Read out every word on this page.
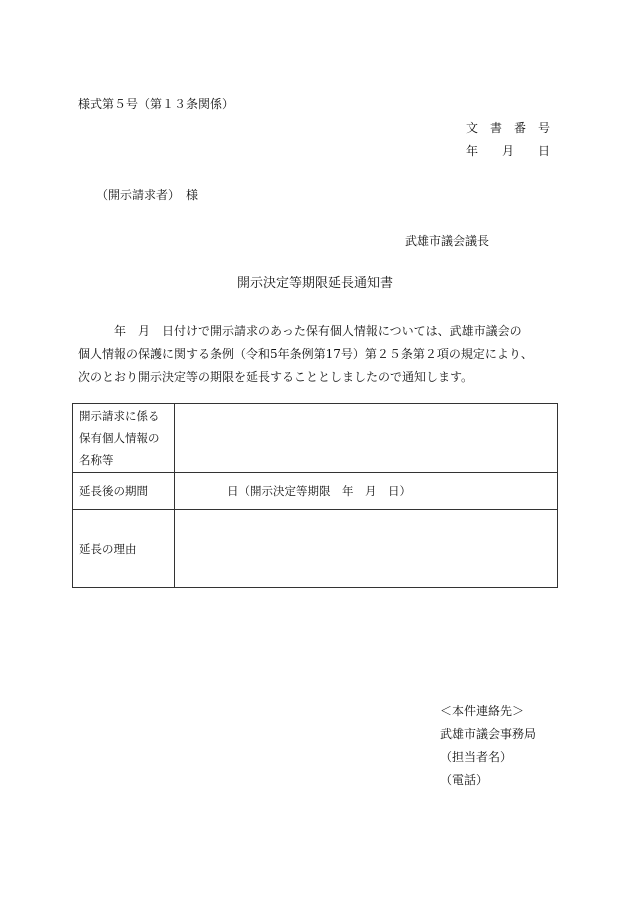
様式第５号（第１３条関係）
文　書　番　号
年　　月　　日
（開示請求者）　様
武雄市議会議長
開示決定等期限延長通知書

　　　年　月　日付けで開示請求のあった保有個人情報については、武雄市議会の

個人情報の保護に関する条例（令和5年条例第17号）第２５条第２項の規定により、

次のとおり開示決定等の期限を延長することとしましたので通知します。

開示請求に係る
保有個人情報の
名称等	

延長後の期間	日（開示決定等期限　年　月　日）
延長の理由	
＜本件連絡先＞
武雄市議会事務局
（担当者名）
（電話）
